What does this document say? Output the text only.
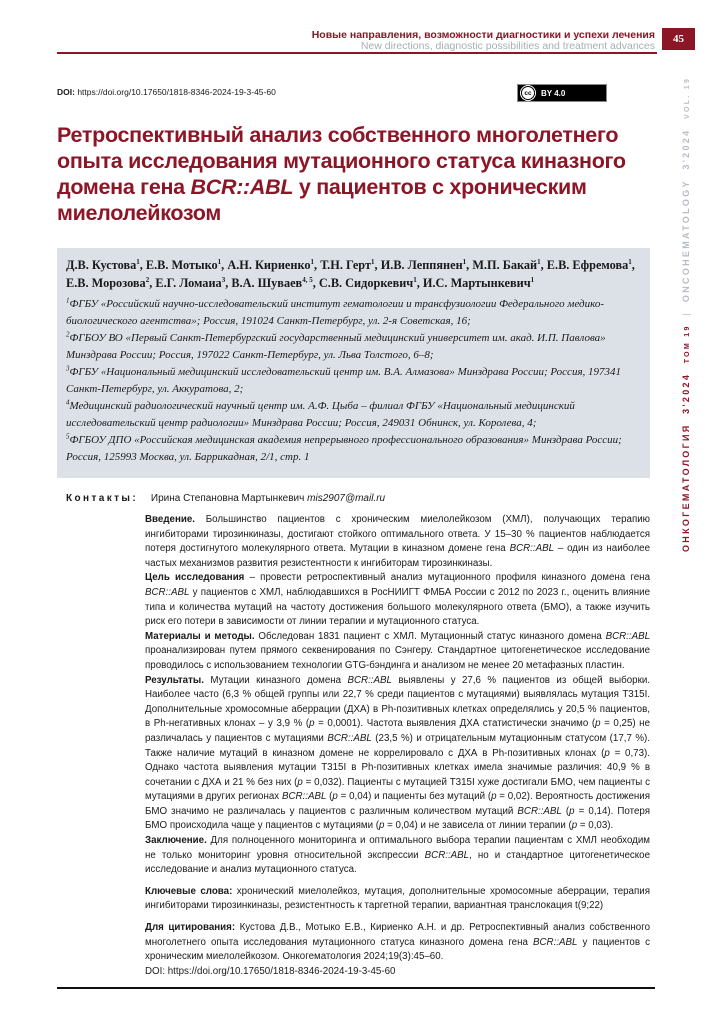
Новые направления, возможности диагностики и успехи лечения
New directions, diagnostic possibilities and treatment advances
45
DOI: https://doi.org/10.17650/1818-8346-2024-19-3-45-60	cc	BY 4.0
Ретроспективный анализ собственного многолетнего
опыта исследования мутационного статуса киназного
домена гена BCR::ABL у пациентов с хроническим
миелолейкозом
Д.В. Кустова$^1$, Е.В. Мотыко$^1$, А.Н. Кириенко$^1$, Т.Н. Герт$^1$, И.В. Леппянен$^1$, М.П. Бакай$^1$, Е.В. Ефремова$^1$, Е.В. Морозова$^2$, Е.Г. Ломаиа$^3$, В.А. Шуваев$^{4, 5}$, С.В. Сидоркевич$^1$, И.С. Мартынкевич$^1$
$^1$ФГБУ «Российский научно-исследовательский институт гематологии и трансфузиологии Федерального медико-биологического агентства»; Россия, 191024 Санкт-Петербург, ул. 2-я Советская, 16;
$^2$ФГБОУ ВО «Первый Санкт-Петербургский государственный медицинский университет им. акад. И.П. Павлова» Минздрава России; Россия, 197022 Санкт-Петербург, ул. Льва Толстого, 6–8;
$^3$ФГБУ «Национальный медицинский исследовательский центр им. В.А. Алмазова» Минздрава России; Россия, 197341 Санкт-Петербург, ул. Аккуратова, 2;
$^4$Медицинский радиологический научный центр им. А.Ф. Цыба – филиал ФГБУ «Национальный медицинский исследовательский центр радиологии» Минздрава России; Россия, 249031 Обнинск, ул. Королева, 4;
$^5$ФГБОУ ДПО «Российская медицинская академия непрерывного профессионального образования» Минздрава России; Россия, 125993 Москва, ул. Баррикадная, 2/1, стр. 1
Контакты: Ирина Степановна Мартынкевич mis2907@mail.ru

Введение. Большинство пациентов с хроническим миелолейкозом (ХМЛ), получающих терапию ингибиторами тирозинкиназы, достигают стойкого оптимального ответа. У 15–30 % пациентов наблюдается потеря достигнутого молекулярного ответа. Мутации в киназном домене гена BCR::ABL – один из наиболее частых механизмов развития резистентности к ингибиторам тирозинкиназы.

Цель исследования – провести ретроспективный анализ мутационного профиля киназного домена гена BCR::ABL у пациентов с ХМЛ, наблюдавшихся в РосНИИГТ ФМБА России с 2012 по 2023 г., оценить влияние типа и количества мутаций на частоту достижения большого молекулярного ответа (БМО), а также изучить риск его потери в зависимости от линии терапии и мутационного статуса.

Материалы и методы. Обследован 1831 пациент с ХМЛ. Мутационный статус киназного домена BCR::ABL проанализирован путем прямого секвенирования по Сэнгеру. Стандартное цитогенетическое исследование проводилось с использованием технологии GTG-бэндинга и анализом не менее 20 метафазных пластин.

Результаты. Мутации киназного домена BCR::ABL выявлены у 27,6 % пациентов из общей выборки. Наиболее часто (6,3 % общей группы или 22,7 % среди пациентов с мутациями) выявлялась мутация T315I. Дополнительные хромосомные аберрации (ДХА) в Ph-позитивных клетках определялись у 20,5 % пациентов, в Ph-негативных клонах – у 3,9 % (p = 0,0001). Частота выявления ДХА статистически значимо (p = 0,25) не различалась у пациентов с мутациями BCR::ABL (23,5 %) и отрицательным мутационным статусом (17,7 %). Также наличие мутаций в киназном домене не коррелировало с ДХА в Ph-позитивных клонах (p = 0,73). Однако частота выявления мутации T315I в Ph-позитивных клетках имела значимые различия: 40,9 % в сочетании с ДХА и 21 % без них (p = 0,032). Пациенты с мутацией T315I хуже достигали БМО, чем пациенты с мутациями в других регионах BCR::ABL (p = 0,04) и пациенты без мутаций (p = 0,02). Вероятность достижения БМО значимо не различалась у пациентов с различным количеством мутаций BCR::ABL (p = 0,14). Потеря БМО происходила чаще у пациентов с мутациями (p = 0,04) и не зависела от линии терапии (p = 0,03).

Заключение. Для полноценного мониторинга и оптимального выбора терапии пациентам с ХМЛ необходим не только мониторинг уровня относительной экспрессии BCR::ABL, но и стандартное цитогенетическое исследование и анализ мутационного статуса.

Ключевые слова: хронический миелолейкоз, мутация, дополнительные хромосомные аберрации, терапия ингибиторами тирозинкиназы, резистентность к таргетной терапии, вариантная транслокация t(9;22)

Для цитирования: Кустова Д.В., Мотыко Е.В., Кириенко А.Н. и др. Ретроспективный анализ собственного многолетнего опыта исследования мутационного статуса киназного домена гена BCR::ABL у пациентов с хроническим миелолейкозом. Онкогематология 2024;19(3):45–60.

DOI: https://doi.org/10.17650/1818-8346-2024-19-3-45-60

ОНКОГЕМАТОЛОГИЯ  3'2024  ТОМ 19 | ONCOHEMATOLOGY  3'2024  VOL. 19
